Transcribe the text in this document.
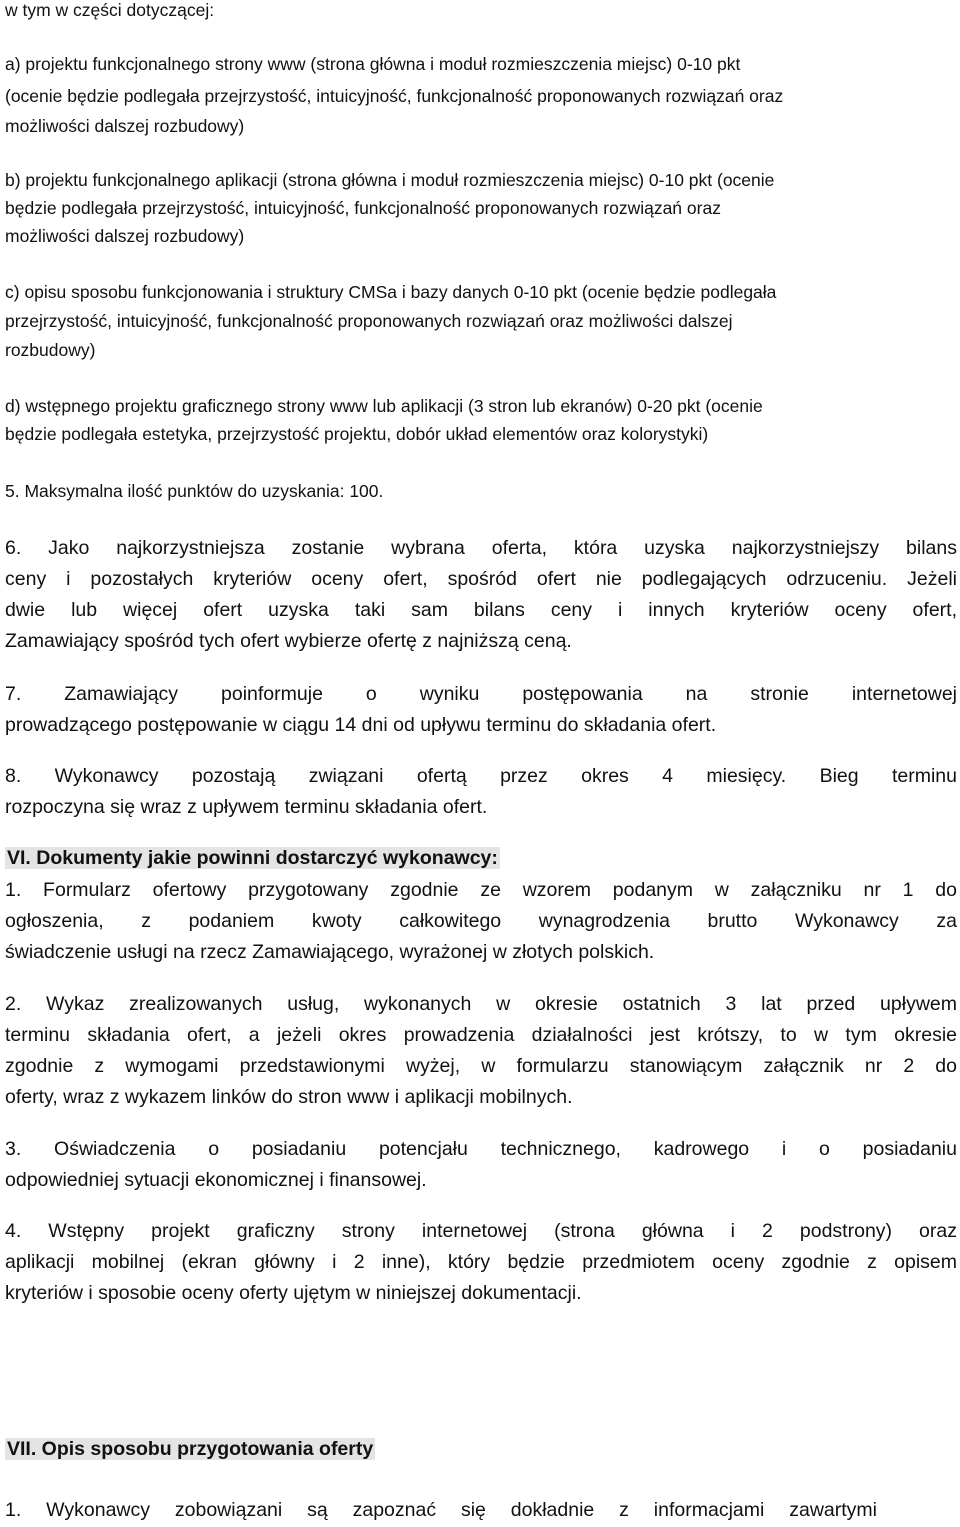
w tym w części dotyczącej:

a) projektu funkcjonalnego strony www (strona główna i moduł rozmieszczenia miejsc) 0-10 pkt

(ocenie będzie podlegała przejrzystość, intuicyjność, funkcjonalność proponowanych rozwiązań oraz

możliwości dalszej rozbudowy)

b) projektu funkcjonalnego aplikacji (strona główna i moduł rozmieszczenia miejsc) 0-10 pkt (ocenie

będzie podlegała przejrzystość, intuicyjność, funkcjonalność proponowanych rozwiązań oraz

możliwości dalszej rozbudowy)

c) opisu sposobu funkcjonowania i struktury CMSa i bazy danych 0-10 pkt (ocenie będzie podlegała

przejrzystość, intuicyjność, funkcjonalność proponowanych rozwiązań oraz możliwości dalszej

rozbudowy)

d) wstępnego projektu graficznego strony www lub aplikacji (3 stron lub ekranów) 0-20 pkt (ocenie

będzie podlegała estetyka, przejrzystość projektu, dobór układ elementów oraz kolorystyki)

5. Maksymalna ilość punktów do uzyskania: 100.

6. Jako najkorzystniejsza zostanie wybrana oferta, która uzyska najkorzystniejszy bilans

ceny i pozostałych kryteriów oceny ofert, spośród ofert nie podlegających odrzuceniu. Jeżeli

dwie lub więcej ofert uzyska taki sam bilans ceny i innych kryteriów oceny ofert,

Zamawiający spośród tych ofert wybierze ofertę z najniższą ceną.

7. Zamawiający poinformuje o wyniku postępowania na stronie internetowej

prowadzącego postępowanie w ciągu 14 dni od upływu terminu do składania ofert.

8. Wykonawcy pozostają związani ofertą przez okres 4 miesięcy. Bieg terminu

rozpoczyna się wraz z upływem terminu składania ofert.

VI. Dokumenty jakie powinni dostarczyć wykonawcy:

1. Formularz ofertowy przygotowany zgodnie ze wzorem podanym w załączniku nr 1 do

ogłoszenia, z podaniem kwoty całkowitego wynagrodzenia brutto Wykonawcy za

świadczenie usługi na rzecz Zamawiającego, wyrażonej w złotych polskich.

2. Wykaz zrealizowanych usług, wykonanych w okresie ostatnich 3 lat przed upływem

terminu składania ofert, a jeżeli okres prowadzenia działalności jest krótszy, to w tym okresie

zgodnie z wymogami przedstawionymi wyżej, w formularzu stanowiącym załącznik nr 2 do

oferty, wraz z wykazem linków do stron www i aplikacji mobilnych.

3. Oświadczenia o posiadaniu potencjału technicznego, kadrowego i o posiadaniu

odpowiedniej sytuacji ekonomicznej i finansowej.

4. Wstępny projekt graficzny strony internetowej (strona główna i 2 podstrony) oraz

aplikacji mobilnej (ekran główny i 2 inne), który będzie przedmiotem oceny zgodnie z opisem

kryteriów i sposobie oceny oferty ujętym w niniejszej dokumentacji.

VII. Opis sposobu przygotowania oferty

1. Wykonawcy zobowiązani są zapoznać się dokładnie z informacjami zawartymi
